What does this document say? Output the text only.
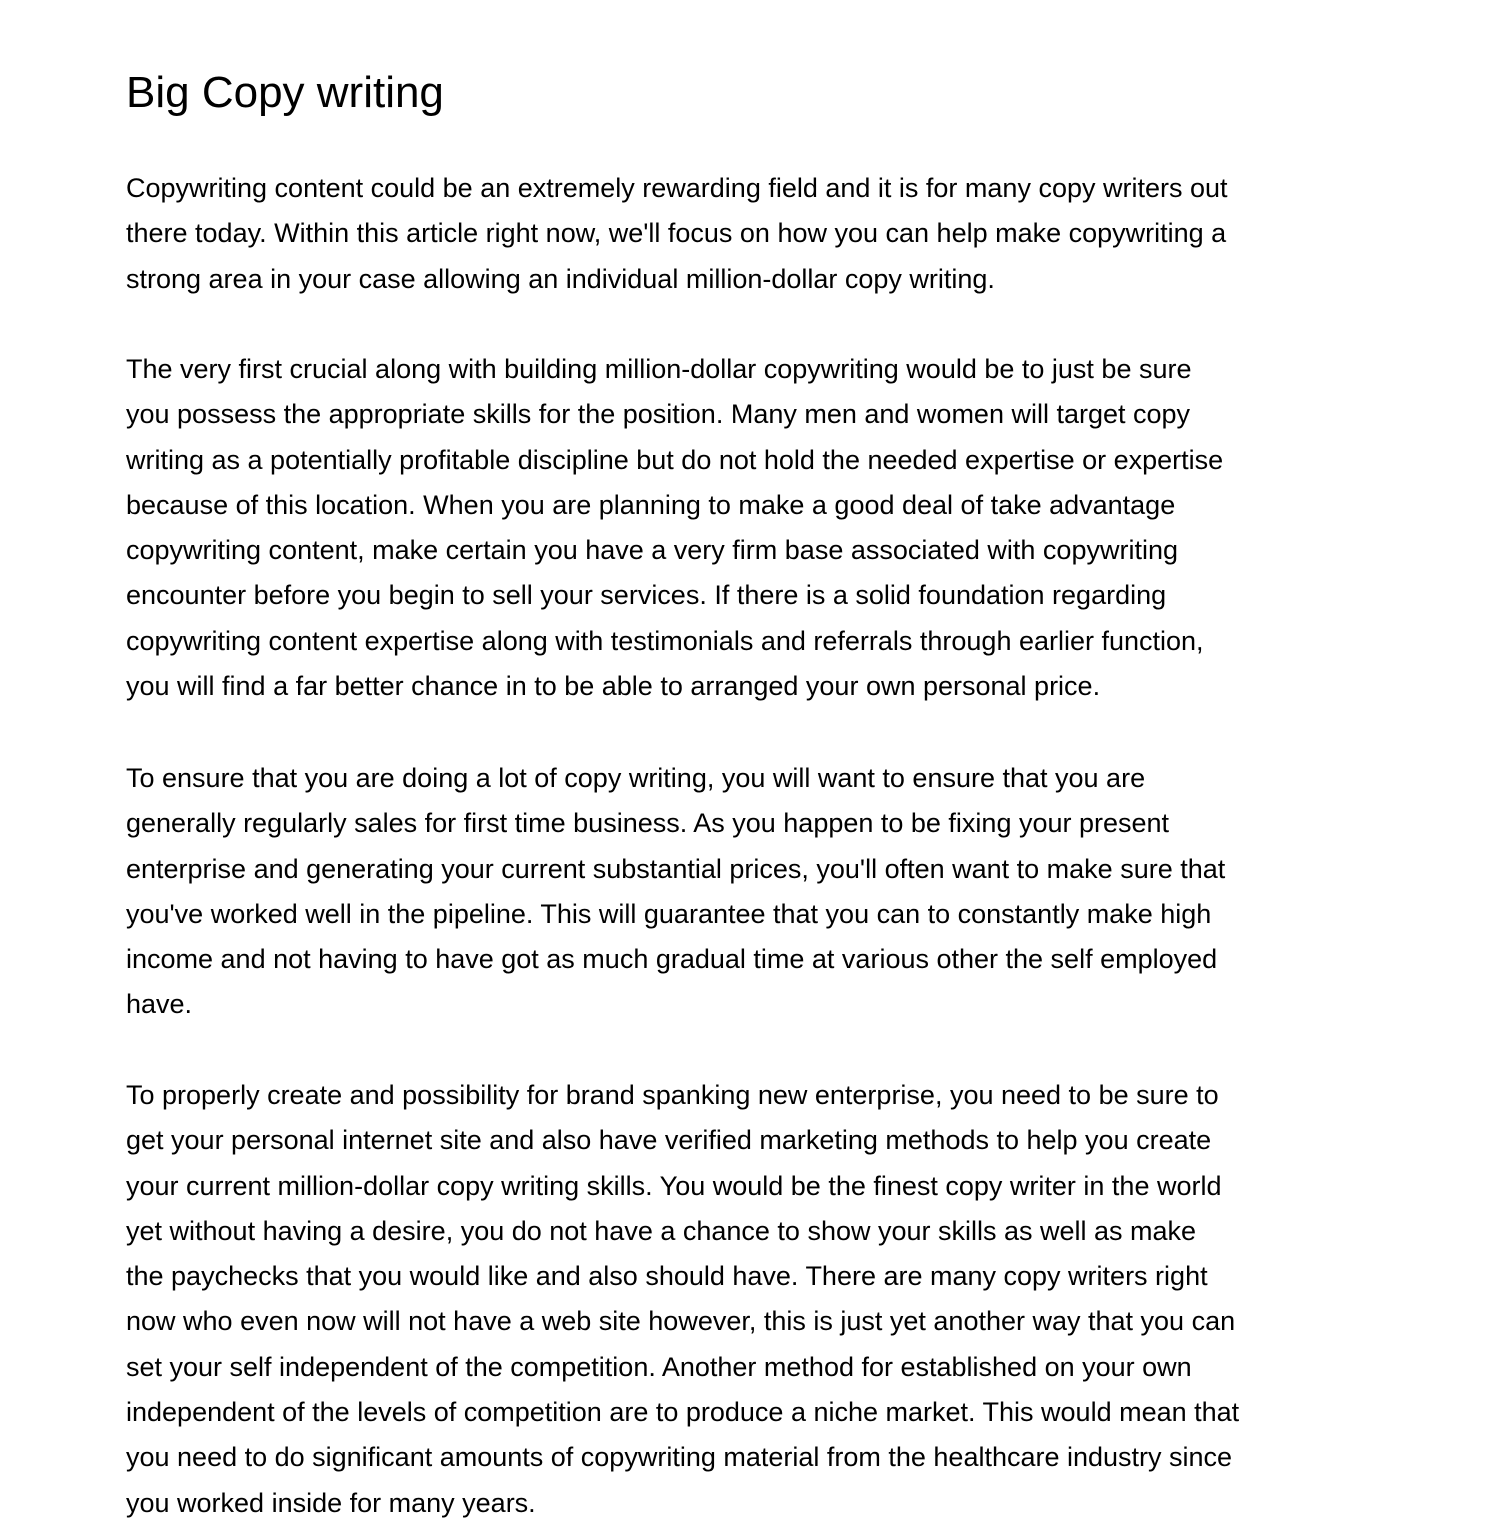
Big Copy writing
Copywriting content could be an extremely rewarding field and it is for many copy writers out
there today. Within this article right now, we'll focus on how you can help make copywriting a
strong area in your case allowing an individual million-dollar copy writing.
The very first crucial along with building million-dollar copywriting would be to just be sure
you possess the appropriate skills for the position. Many men and women will target copy
writing as a potentially profitable discipline but do not hold the needed expertise or expertise
because of this location. When you are planning to make a good deal of take advantage
copywriting content, make certain you have a very firm base associated with copywriting
encounter before you begin to sell your services. If there is a solid foundation regarding
copywriting content expertise along with testimonials and referrals through earlier function,
you will find a far better chance in to be able to arranged your own personal price.
To ensure that you are doing a lot of copy writing, you will want to ensure that you are
generally regularly sales for first time business. As you happen to be fixing your present
enterprise and generating your current substantial prices, you'll often want to make sure that
you've worked well in the pipeline. This will guarantee that you can to constantly make high
income and not having to have got as much gradual time at various other the self employed
have.
To properly create and possibility for brand spanking new enterprise, you need to be sure to
get your personal internet site and also have verified marketing methods to help you create
your current million-dollar copy writing skills. You would be the finest copy writer in the world
yet without having a desire, you do not have a chance to show your skills as well as make
the paychecks that you would like and also should have. There are many copy writers right
now who even now will not have a web site however, this is just yet another way that you can
set your self independent of the competition. Another method for established on your own
independent of the levels of competition are to produce a niche market. This would mean that
you need to do significant amounts of copywriting material from the healthcare industry since
you worked inside for many years.
